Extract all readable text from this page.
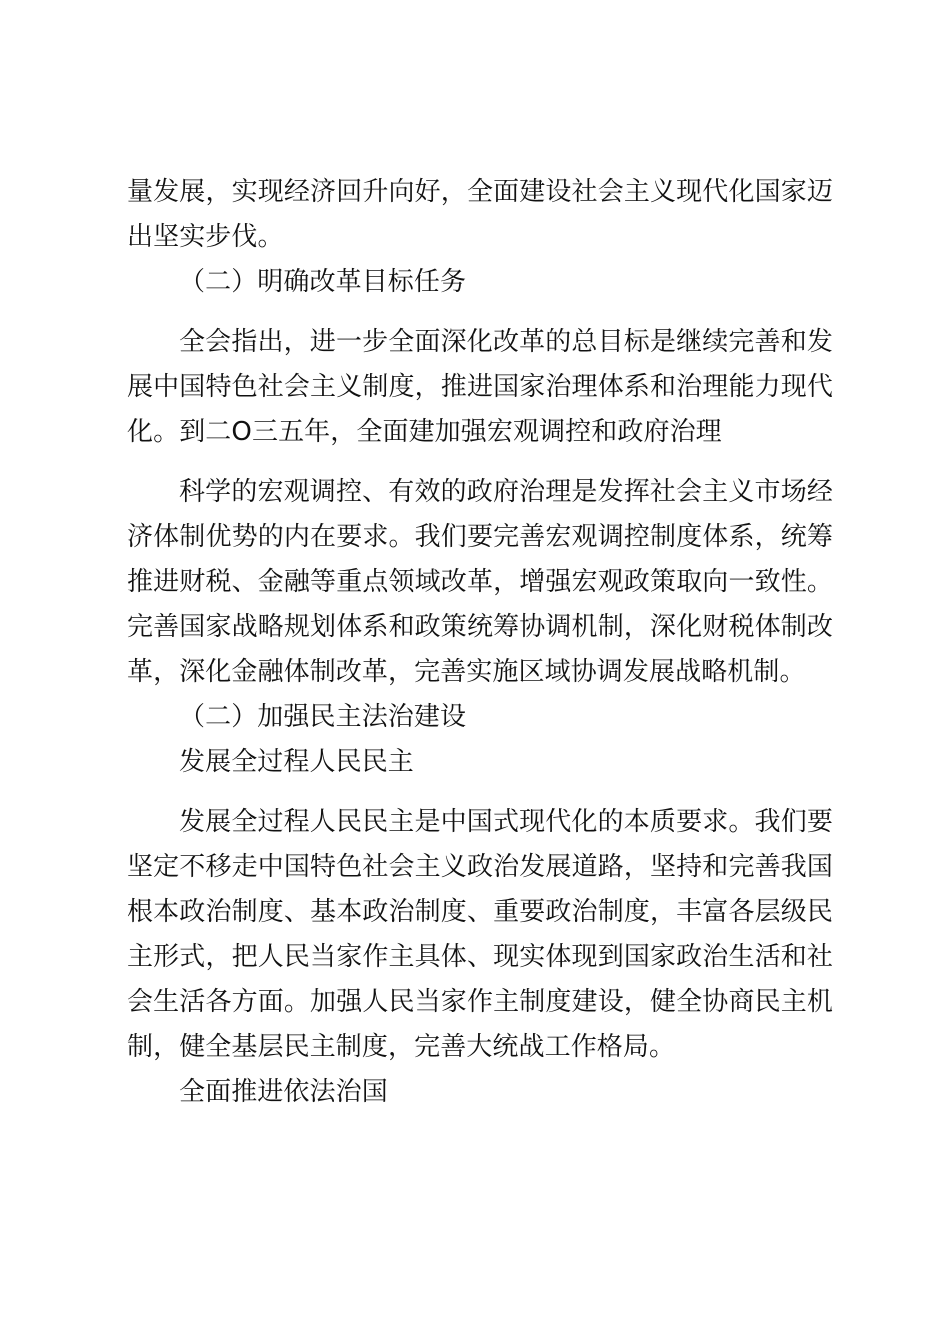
量发展，实现经济回升向好，全面建设社会主义现代化国家迈出坚实步伐。

（二）明确改革目标任务

全会指出，进一步全面深化改革的总目标是继续完善和发展中国特色社会主义制度，推进国家治理体系和治理能力现代化。到二O三五年，全面建加强宏观调控和政府治理

科学的宏观调控、有效的政府治理是发挥社会主义市场经济体制优势的内在要求。我们要完善宏观调控制度体系，统筹推进财税、金融等重点领域改革，增强宏观政策取向一致性。完善国家战略规划体系和政策统筹协调机制，深化财税体制改革，深化金融体制改革，完善实施区域协调发展战略机制。

（二）加强民主法治建设

发展全过程人民民主

发展全过程人民民主是中国式现代化的本质要求。我们要坚定不移走中国特色社会主义政治发展道路，坚持和完善我国根本政治制度、基本政治制度、重要政治制度，丰富各层级民主形式，把人民当家作主具体、现实体现到国家政治生活和社会生活各方面。加强人民当家作主制度建设，健全协商民主机制，健全基层民主制度，完善大统战工作格局。

全面推进依法治国
